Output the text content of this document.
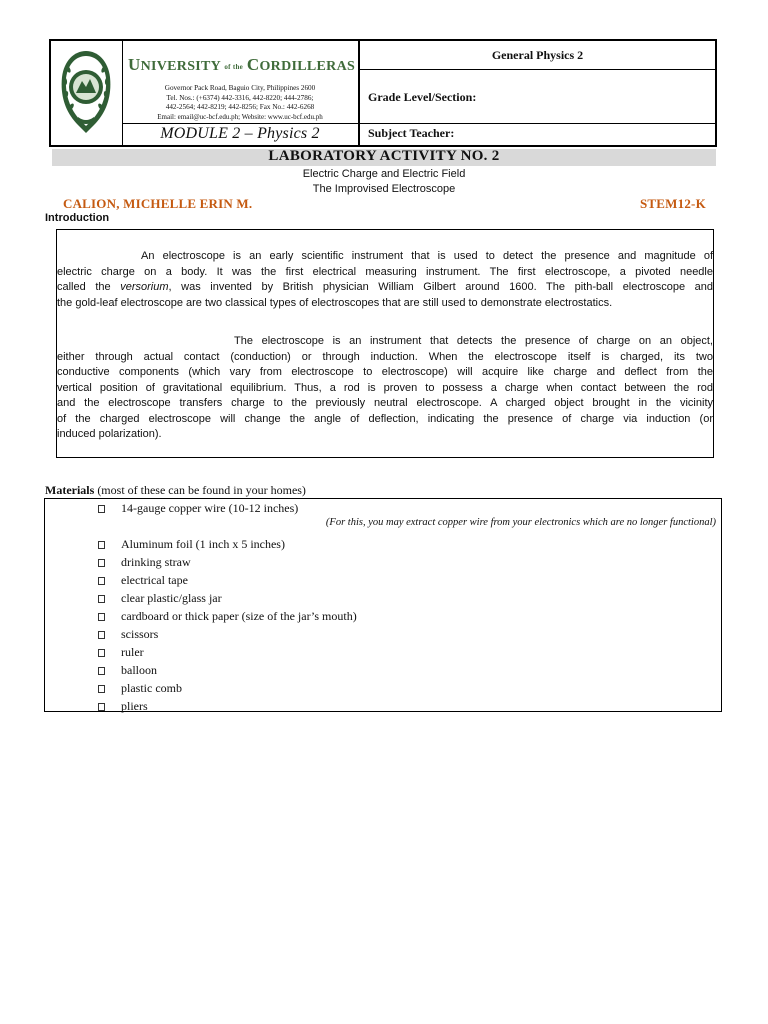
UNIVERSITY of the CORDILLERAS
Governor Pack Road, Baguio City, Philippines 2600
Tel. Nos.: (+6374) 442-3316, 442-8220; 444-2786;
442-2564; 442-8219; 442-8256; Fax No.: 442-6268
Email: email@uc-bcf.edu.ph; Website: www.uc-bcf.edu.ph
MODULE 2 – Physics 2
General Physics 2
Grade Level/Section:
Subject Teacher:
LABORATORY ACTIVITY NO. 2
Electric Charge and Electric Field
The Improvised Electroscope
CALION, MICHELLE ERIN M.	STEM12-K
Introduction
An electroscope is an early scientific instrument that is used to detect the presence and magnitude of
electric charge on a body. It was the first electrical measuring instrument. The first electroscope, a pivoted needle
called the versorium, was invented by British physician William Gilbert around 1600. The pith-ball electroscope and
the gold-leaf electroscope are two classical types of electroscopes that are still used to demonstrate electrostatics.
The electroscope is an instrument that detects the presence of charge on an object,
either through actual contact (conduction) or through induction. When the electroscope itself is charged, its two
conductive components (which vary from electroscope to electroscope) will acquire like charge and deflect from the
vertical position of gravitational equilibrium. Thus, a rod is proven to possess a charge when contact between the rod
and the electroscope transfers charge to the previously neutral electroscope. A charged object brought in the vicinity
of the charged electroscope will change the angle of deflection, indicating the presence of charge via induction (or
induced polarization).
Materials (most of these can be found in your homes)
14-gauge copper wire (10-12 inches)
(For this, you may extract copper wire from your electronics which are no longer functional)
Aluminum foil (1 inch x 5 inches)
drinking straw
electrical tape
clear plastic/glass jar
cardboard or thick paper (size of the jar’s mouth)
scissors
ruler
balloon
plastic comb
pliers
